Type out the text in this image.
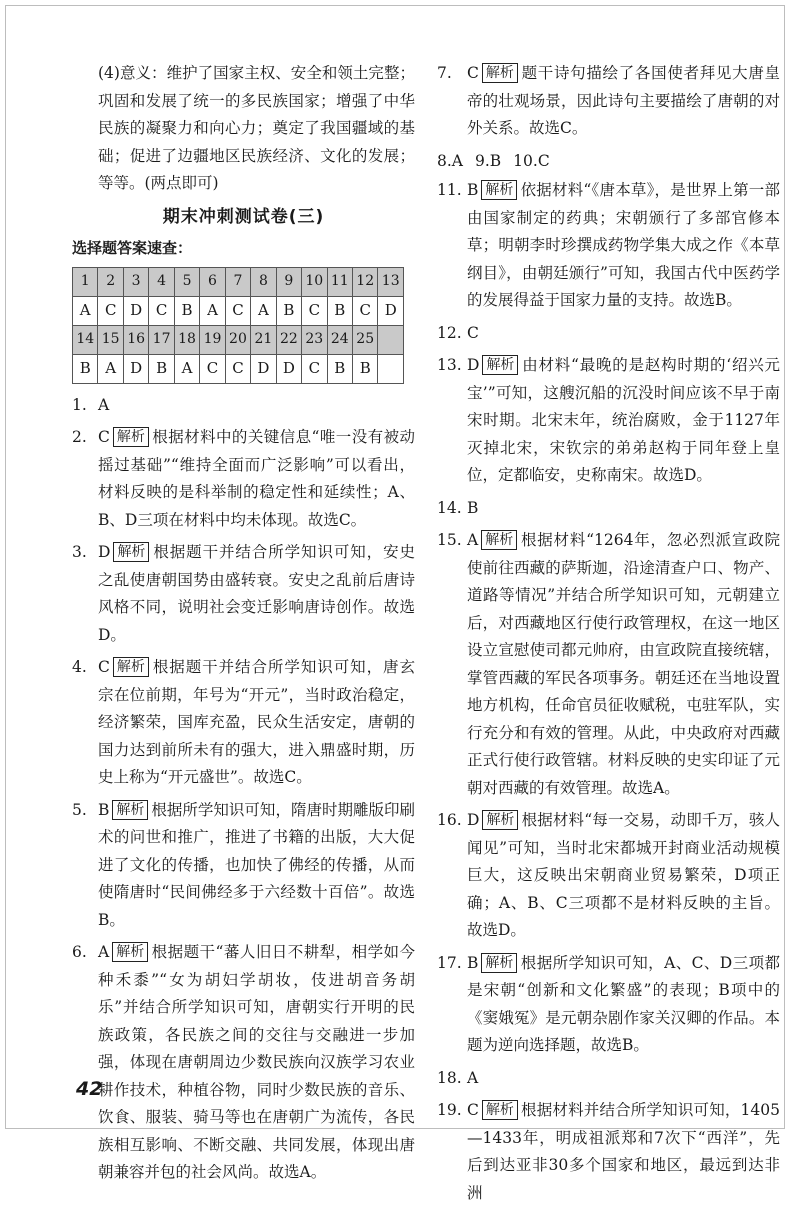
(4)意义：维护了国家主权、安全和领土完整；巩固和发展了统一的多民族国家；增强了中华民族的凝聚力和向心力；奠定了我国疆域的基础；促进了边疆地区民族经济、文化的发展；等等。(两点即可)

期末冲刺测试卷(三)
选择题答案速查：
1	2	3	4	5	6	7	8	9	10	11	12	13
A	C	D	C	B	A	C	A	B	C	B	C	D
14	15	16	17	18	19	20	21	22	23	24	25	
B	A	D	B	A	C	C	D	D	C	B	B	
1. A
2. C 解析 根据材料中的关键信息“唯一没有被动摇过基础”“维持全面而广泛影响”可以看出，材料反映的是科举制的稳定性和延续性；A、B、D三项在材料中均未体现。故选C。
3. D 解析 根据题干并结合所学知识可知，安史之乱使唐朝国势由盛转衰。安史之乱前后唐诗风格不同，说明社会变迁影响唐诗创作。故选D。
4. C 解析 根据题干并结合所学知识可知，唐玄宗在位前期，年号为“开元”，当时政治稳定，经济繁荣，国库充盈，民众生活安定，唐朝的国力达到前所未有的强大，进入鼎盛时期，历史上称为“开元盛世”。故选C。
5. B 解析 根据所学知识可知，隋唐时期雕版印刷术的问世和推广，推进了书籍的出版，大大促进了文化的传播，也加快了佛经的传播，从而使隋唐时“民间佛经多于六经数十百倍”。故选B。
6. A 解析 根据题干“蕃人旧日不耕犁，相学如今种禾黍”“女为胡妇学胡妆，伎进胡音务胡乐”并结合所学知识可知，唐朝实行开明的民族政策，各民族之间的交往与交融进一步加强，体现在唐朝周边少数民族向汉族学习农业耕作技术，种植谷物，同时少数民族的音乐、饮食、服装、骑马等也在唐朝广为流传，各民族相互影响、不断交融、共同发展，体现出唐朝兼容并包的社会风尚。故选A。
7. C 解析 题干诗句描绘了各国使者拜见大唐皇帝的壮观场景，因此诗句主要描绘了唐朝的对外关系。故选C。
8.A 9.B 10.C
11. B 解析 依据材料“《唐本草》，是世界上第一部由国家制定的药典；宋朝颁行了多部官修本草；明朝李时珍撰成药物学集大成之作《本草纲目》，由朝廷颁行”可知，我国古代中医药学的发展得益于国家力量的支持。故选B。
12. C
13. D 解析 由材料“最晚的是赵构时期的‘绍兴元宝’”可知，这艘沉船的沉没时间应该不早于南宋时期。北宋末年，统治腐败，金于1127年灭掉北宋，宋钦宗的弟弟赵构于同年登上皇位，定都临安，史称南宋。故选D。
14. B
15. A 解析 根据材料“1264年，忽必烈派宣政院使前往西藏的萨斯迦，沿途清查户口、物产、道路等情况”并结合所学知识可知，元朝建立后，对西藏地区行使行政管理权，在这一地区设立宣慰使司都元帅府，由宣政院直接统辖，掌管西藏的军民各项事务。朝廷还在当地设置地方机构，任命官员征收赋税，屯驻军队，实行充分和有效的管理。从此，中央政府对西藏正式行使行政管辖。材料反映的史实印证了元朝对西藏的有效管理。故选A。
16. D 解析 根据材料“每一交易，动即千万，骇人闻见”可知，当时北宋都城开封商业活动规模巨大，这反映出宋朝商业贸易繁荣，D项正确；A、B、C三项都不是材料反映的主旨。故选D。
17. B 解析 根据所学知识可知，A、C、D三项都是宋朝“创新和文化繁盛”的表现；B项中的《窦娥冤》是元朝杂剧作家关汉卿的作品。本题为逆向选择题，故选B。
18. A
19. C 解析 根据材料并结合所学知识可知，1405—1433年，明成祖派郑和7次下“西洋”，先后到达亚非30多个国家和地区，最远到达非洲
42
